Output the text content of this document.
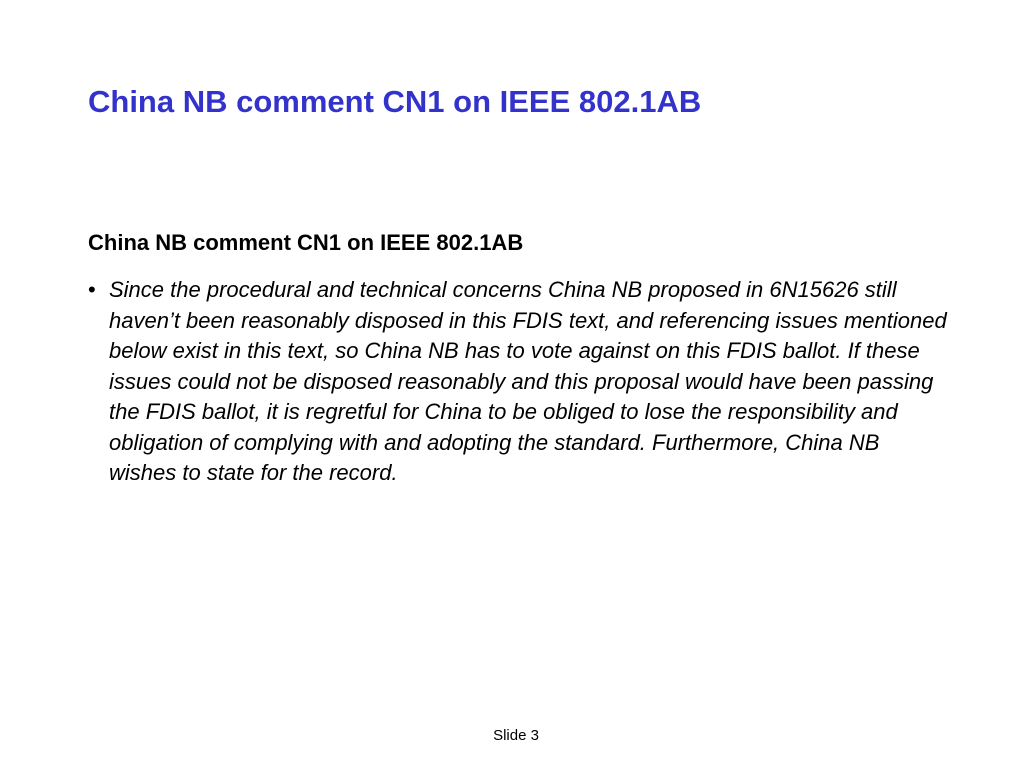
China NB comment CN1 on IEEE 802.1AB
China NB comment CN1 on IEEE 802.1AB
• Since the procedural and technical concerns China NB proposed in 6N15626 still haven’t been reasonably disposed in this FDIS text, and referencing issues mentioned below exist in this text, so China NB has to vote against on this FDIS ballot. If these issues could not be disposed reasonably and this proposal would have been passing the FDIS ballot, it is regretful for China to be obliged to lose the responsibility and obligation of complying with and adopting the standard. Furthermore, China NB wishes to state for the record.
Slide 3
